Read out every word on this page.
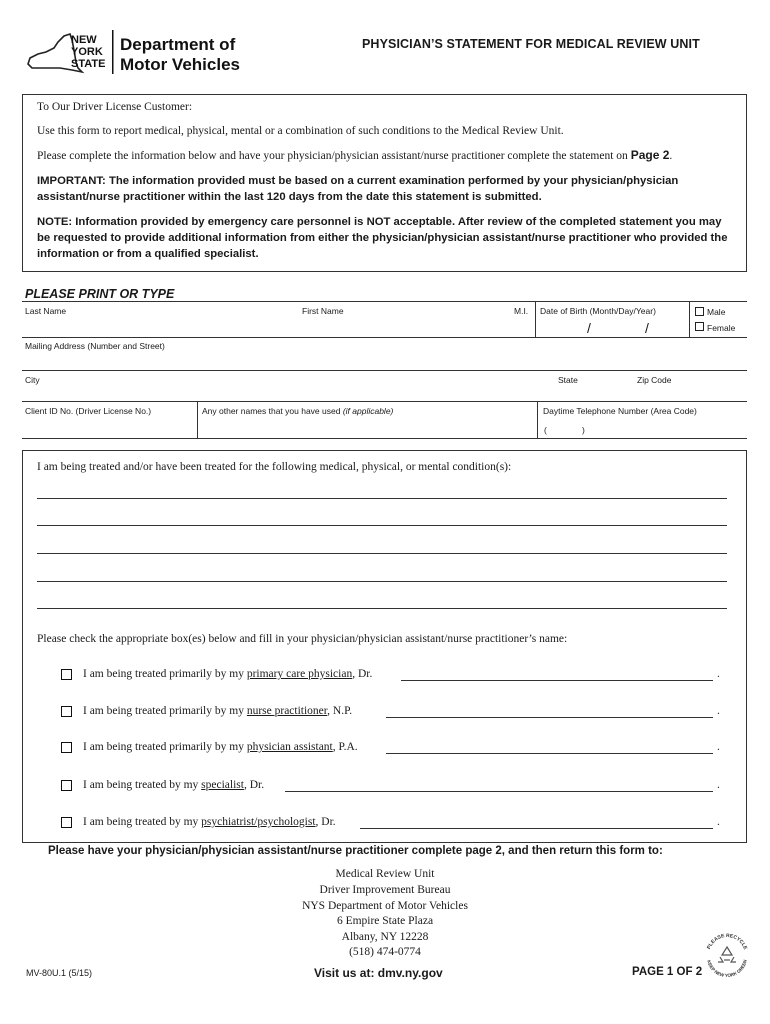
NEW
YORK
STATE
Department of
Motor Vehicles
PHYSICIAN’S STATEMENT FOR MEDICAL REVIEW UNIT
To Our Driver License Customer:
Use this form to report medical, physical, mental or a combination of such conditions to the Medical Review Unit.
Please complete the information below and have your physician/physician assistant/nurse practitioner complete the statement on Page 2.
IMPORTANT: The information provided must be based on a current examination performed by your physician/physician assistant/nurse practitioner within the last 120 days from the date this statement is submitted.
NOTE: Information provided by emergency care personnel is NOT acceptable. After review of the completed statement you may be requested to provide additional information from either the physician/physician assistant/nurse practitioner who provided the information or from a qualified specialist.
PLEASE PRINT OR TYPE
Last Name	First Name	M.I. Date of Birth (Month/Day/Year)
/	/
Male
Female
Mailing Address (Number and Street)
City	State	Zip Code
Client ID No. (Driver License No.)	Any other names that you have used (if applicable)	Daytime Telephone Number (Area Code)
(	)
I am being treated and/or have been treated for the following medical, physical, or mental condition(s):
Please check the appropriate box(es) below and fill in your physician/physician assistant/nurse practitioner’s name:
I am being treated primarily by my primary care physician, Dr.	.
I am being treated primarily by my nurse practitioner, N.P.	.
I am being treated primarily by my physician assistant, P.A.	.
I am being treated by my specialist, Dr.	.
I am being treated by my psychiatrist/psychologist, Dr.	.
Please have your physician/physician assistant/nurse practitioner complete page 2, and then return this form to:
Medical Review Unit
Driver Improvement Bureau
NYS Department of Motor Vehicles
6 Empire State Plaza
Albany, NY 12228
(518) 474-0774
MV-80U.1 (5/15)	Visit us at: dmv.ny.gov	PAGE 1 OF 2
PLEASE RECYCLE
KEEP NEW YORK GREEN
